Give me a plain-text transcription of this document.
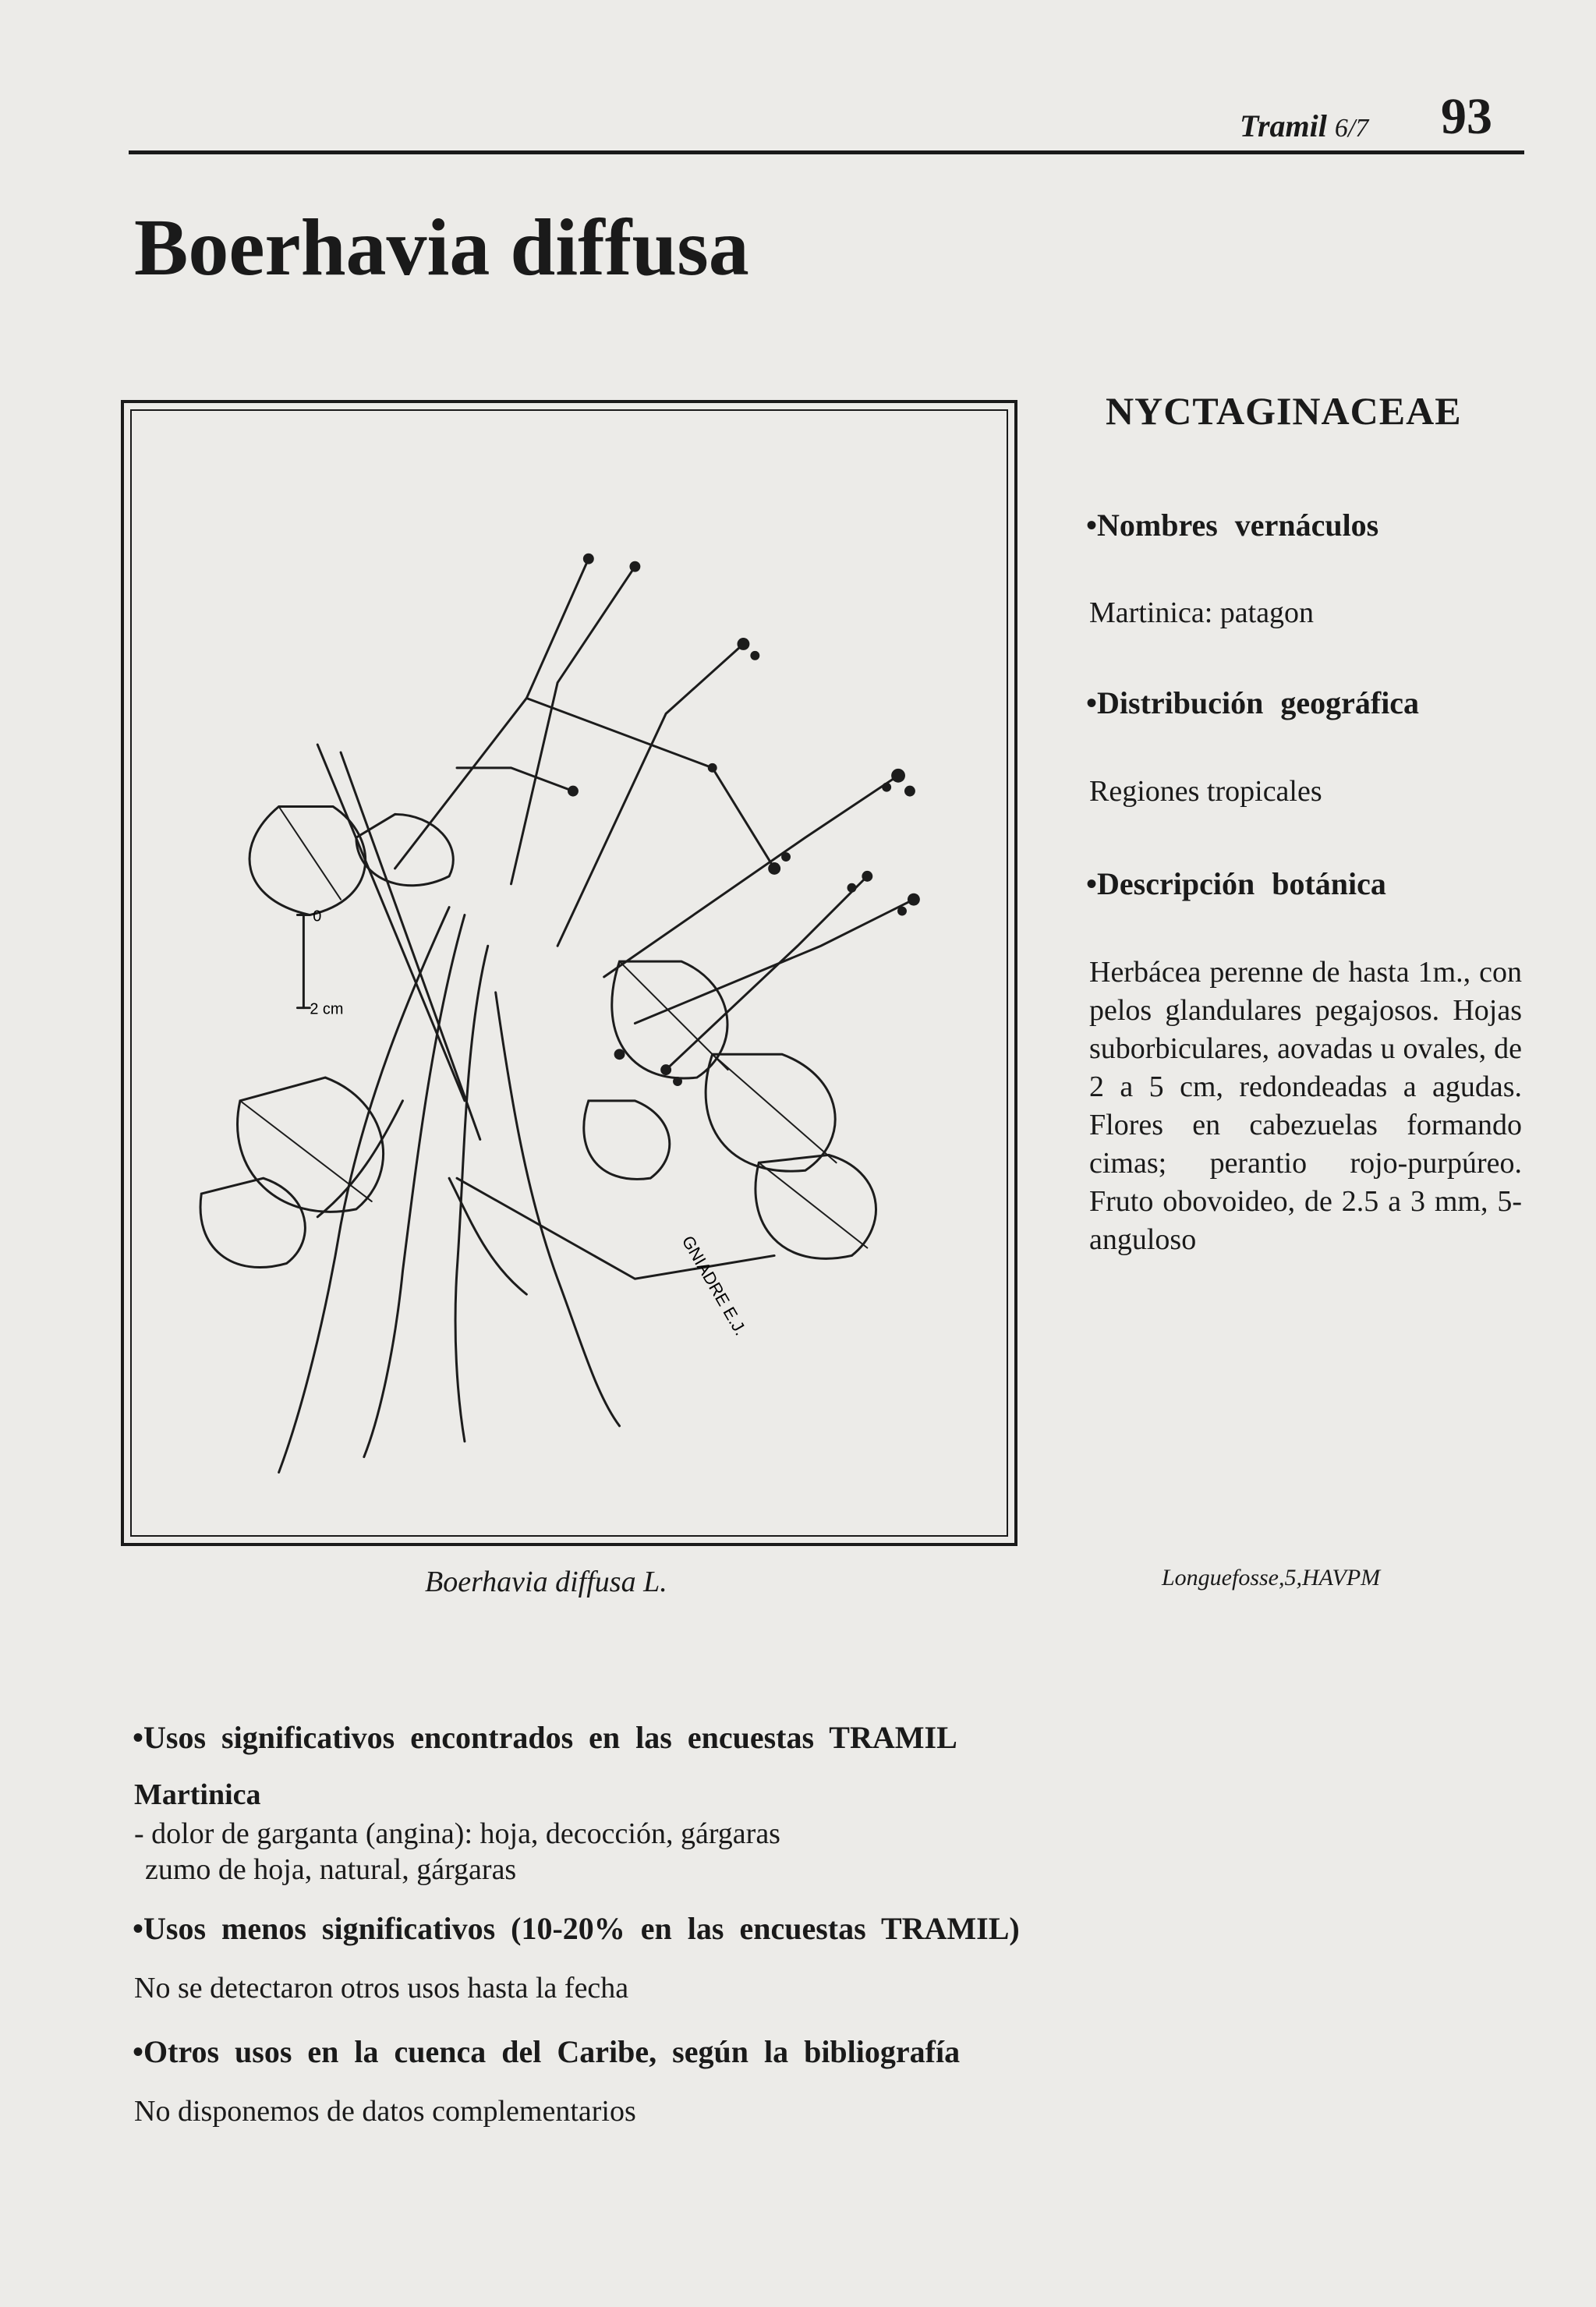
Tramil 6/7 93
Boerhavia diffusa
0
2 cm
GNIADRE E.J.
Boerhavia diffusa L.	Longuefosse,5,HAVPM
NYCTAGINACEAE
•Nombres vernáculos
Martinica: patagon
•Distribución geográfica
Regiones tropicales
•Descripción botánica
Herbácea perenne de hasta 1m., con pelos glandulares pegajosos. Hojas suborbiculares, aovadas u ovales, de 2 a 5 cm, redondeadas a agudas. Flores en cabezuelas formando cimas; perantio rojo-purpúreo. Fruto obovoideo, de 2.5 a 3 mm, 5-anguloso
•Usos significativos encontrados en las encuestas TRAMIL
Martinica
- dolor de garganta (angina): hoja, decocción, gárgaras
zumo de hoja, natural, gárgaras
•Usos menos significativos (10-20% en las encuestas TRAMIL)
No se detectaron otros usos hasta la fecha
•Otros usos en la cuenca del Caribe, según la bibliografía
No disponemos de datos complementarios
